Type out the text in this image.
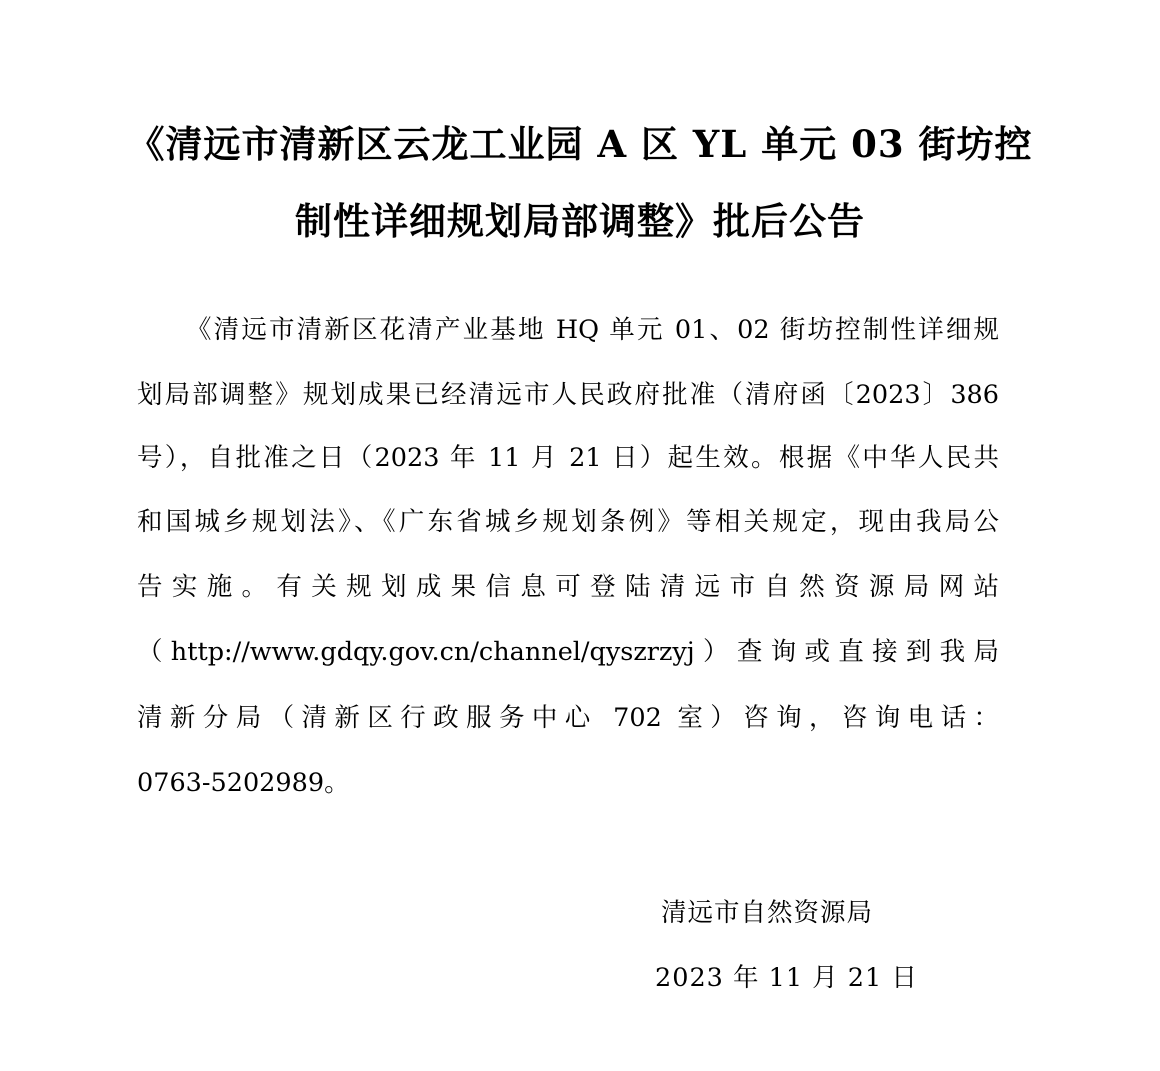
《清远市清新区云龙工业园 A 区 YL 单元 03 街坊控
制性详细规划局部调整》批后公告
《清远市清新区花清产业基地 HQ 单元 01、02 街坊控制性详细规
划局部调整》规划成果已经清远市人民政府批准（清府函〔2023〕386
号），自批准之日（2023 年 11 月 21 日）起生效。根据《中华人民共
和国城乡规划法》、《广东省城乡规划条例》等相关规定，现由我局公
告实施。有关规划成果信息可登陆清远市自然资源局网站
（http://www.gdqy.gov.cn/channel/qyszrzyj）查询或直接到我局
清新分局（清新区行政服务中心 702 室）咨询，咨询电话：
0763-5202989。
清远市自然资源局
2023 年 11 月 21 日
